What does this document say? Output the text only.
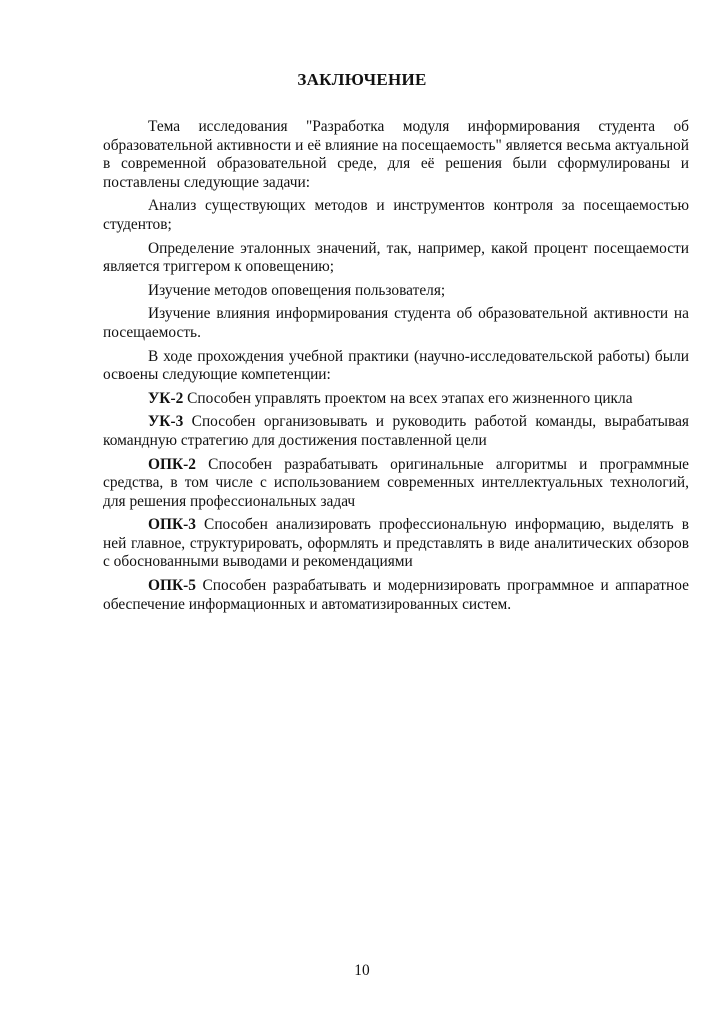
ЗАКЛЮЧЕНИЕ

Тема исследования "Разработка модуля информирования студента об образовательной активности и её влияние на посещаемость" является весьма актуальной в современной образовательной среде, для её решения были сформулированы и поставлены следующие задачи:

Анализ существующих методов и инструментов контроля за посещаемостью студентов;

Определение эталонных значений, так, например, какой процент посещаемости является триггером к оповещению;

Изучение методов оповещения пользователя;

Изучение влияния информирования студента об образовательной активности на посещаемость.

В ходе прохождения учебной практики (научно-исследовательской работы) были освоены следующие компетенции:

УК-2 Способен управлять проектом на всех этапах его жизненного цикла

УК-3 Способен организовывать и руководить работой команды, вырабатывая командную стратегию для достижения поставленной цели

ОПК-2 Способен разрабатывать оригинальные алгоритмы и программные средства, в том числе с использованием современных интеллектуальных технологий, для решения профессиональных задач

ОПК-3 Способен анализировать профессиональную информацию, выделять в ней главное, структурировать, оформлять и представлять в виде аналитических обзоров с обоснованными выводами и рекомендациями

ОПК-5 Способен разрабатывать и модернизировать программное и аппаратное обеспечение информационных и автоматизированных систем.

10
